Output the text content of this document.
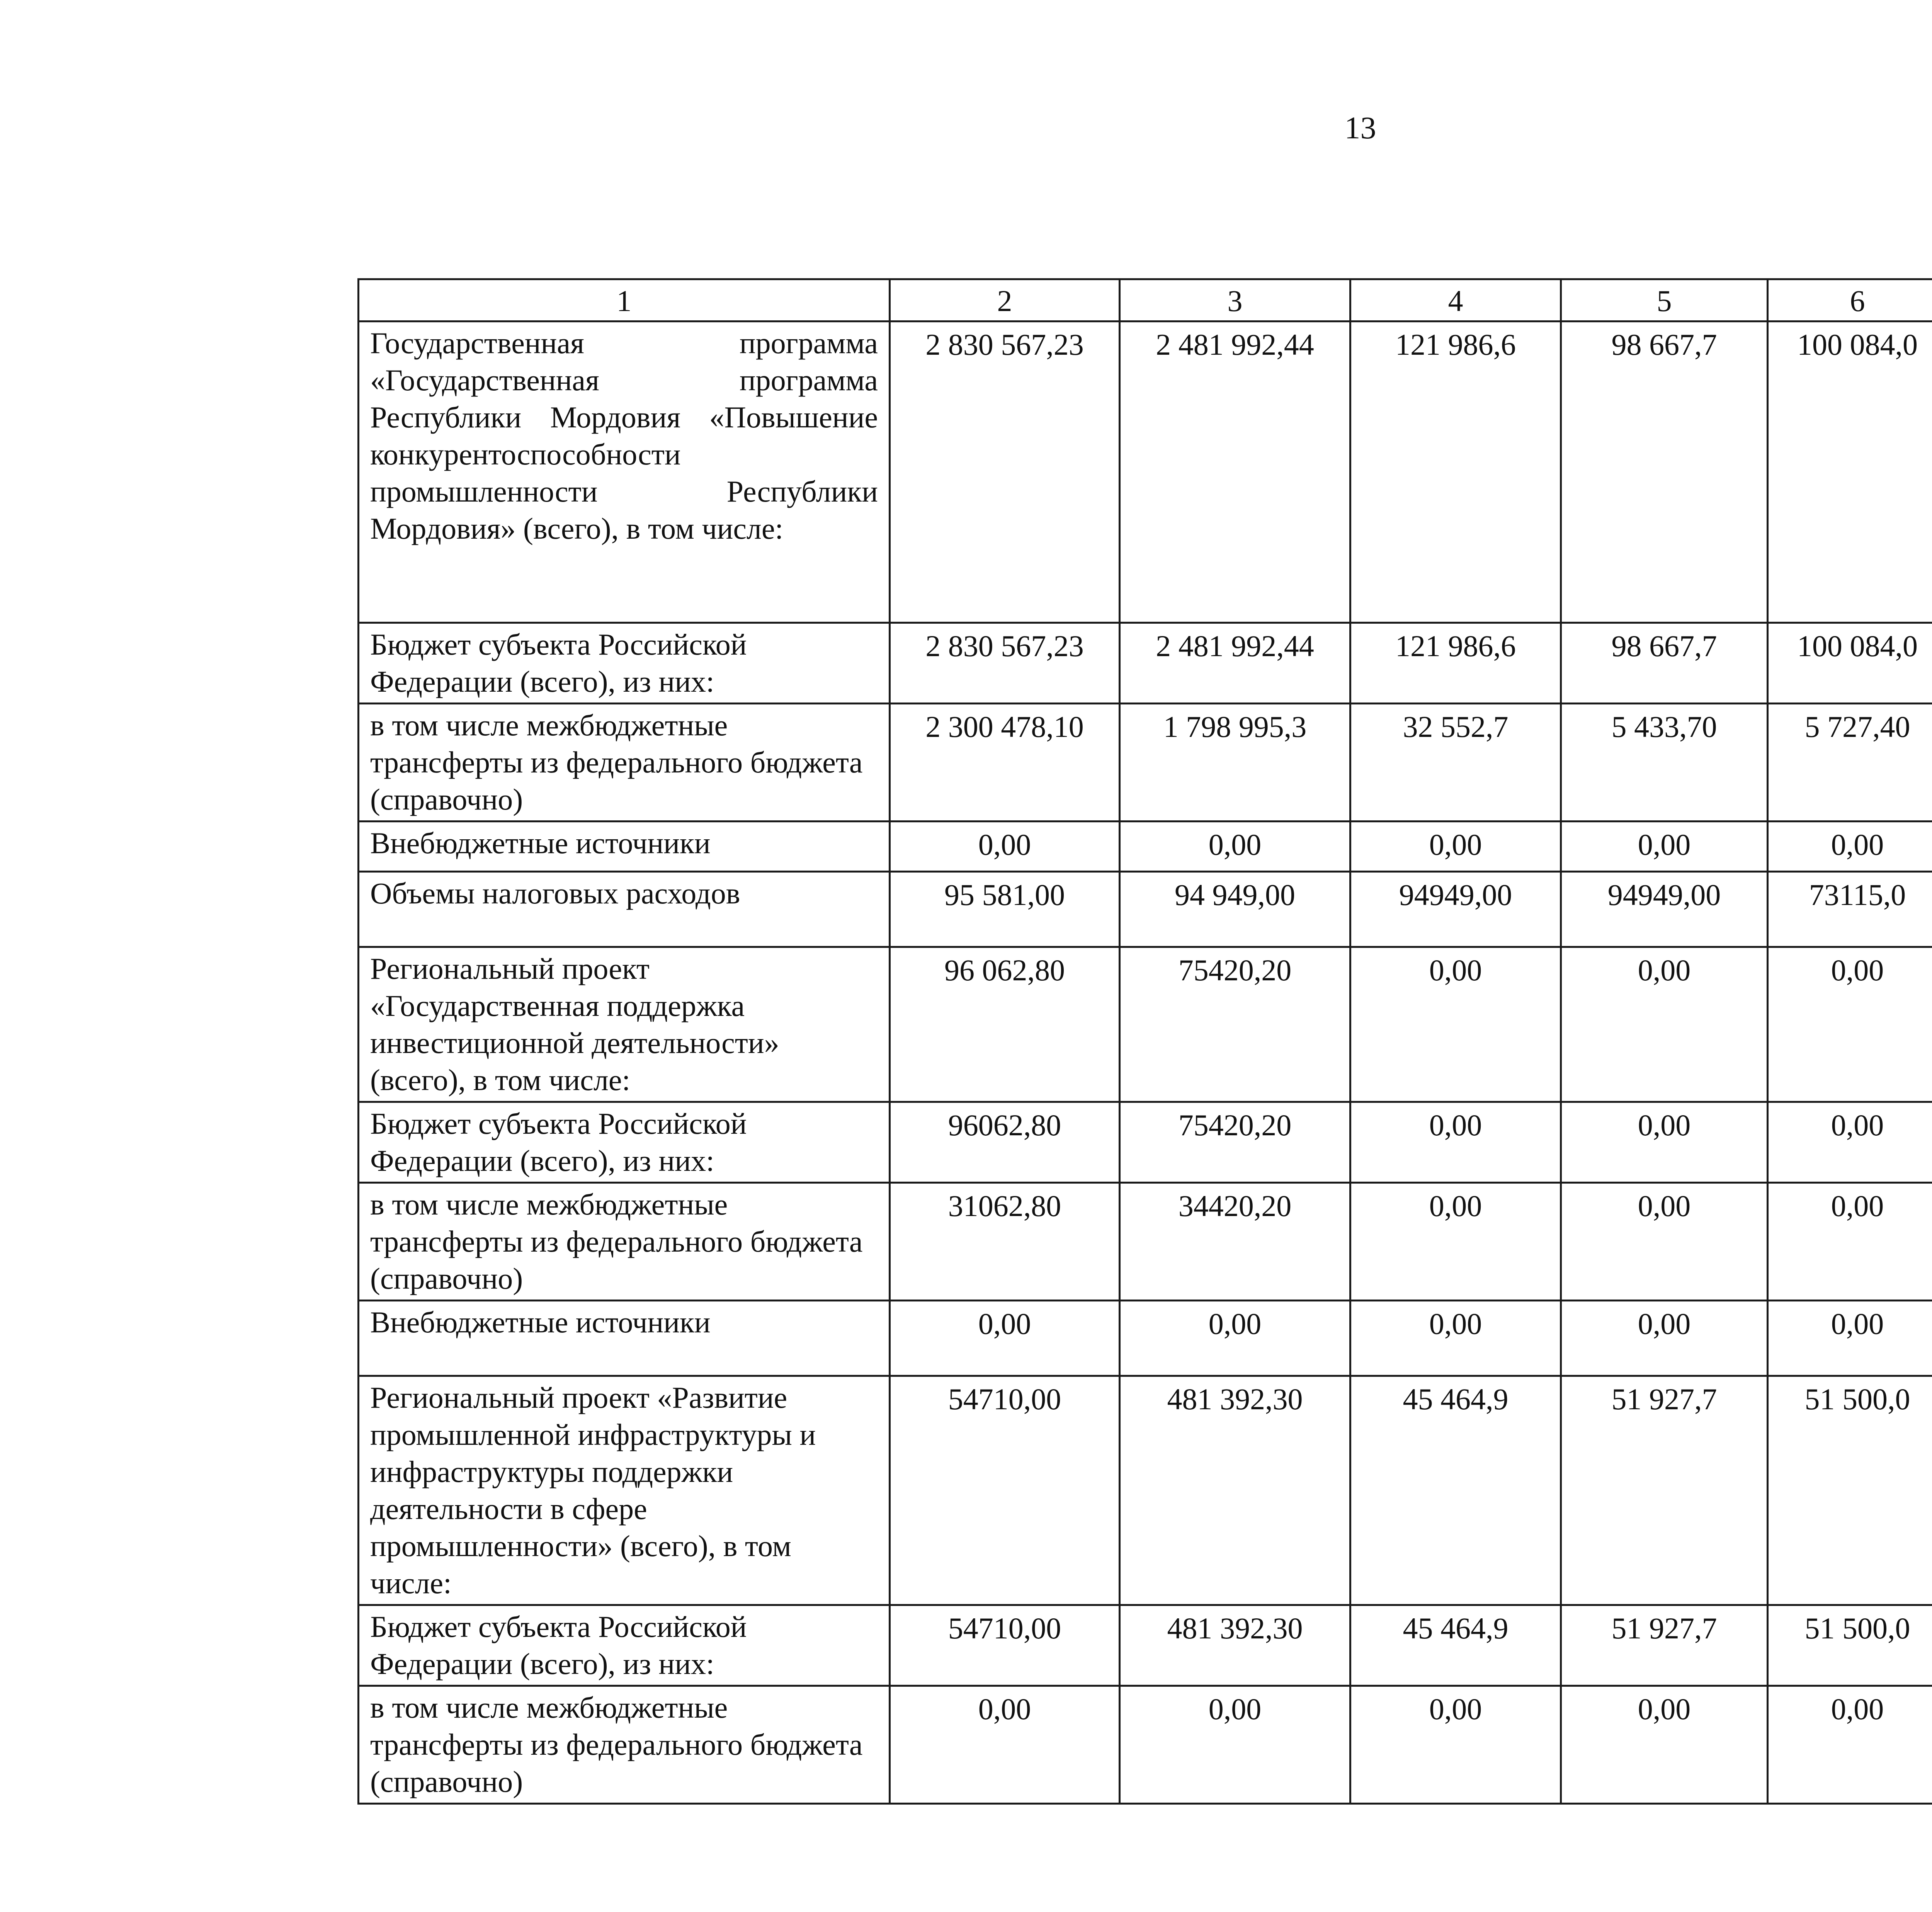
13
1	2	3	4	5	6			
Государственная программа «Государственная программа Республики Мордовия «Повышение конкурентоспособности промышленности Республики Мордовия» (всего), в том числе:	2 830 567,23	2 481 992,44	121 986,6	98 667,7	100 084,0			
Бюджет субъекта Российской Федерации (всего), из них:	2 830 567,23	2 481 992,44	121 986,6	98 667,7	100 084,0			
в том числе межбюджетные трансферты из федерального бюджета (справочно)	2 300 478,10	1 798 995,3	32 552,7	5 433,70	5 727,40			
Внебюджетные источники	0,00	0,00	0,00	0,00	0,00			
Объемы налоговых расходов	95 581,00	94 949,00	94949,00	94949,00	73115,0			
Региональный проект «Государственная поддержка инвестиционной деятельности» (всего), в том числе:	96 062,80	75420,20	0,00	0,00	0,00			
Бюджет субъекта Российской Федерации (всего), из них:	96062,80	75420,20	0,00	0,00	0,00			
в том числе межбюджетные трансферты из федерального бюджета (справочно)	31062,80	34420,20	0,00	0,00	0,00			
Внебюджетные источники	0,00	0,00	0,00	0,00	0,00			
Региональный проект «Развитие промышленной инфраструктуры и инфраструктуры поддержки деятельности в сфере промышленности» (всего), в том числе:	54710,00	481 392,30	45 464,9	51 927,7	51 500,0			
Бюджет субъекта Российской Федерации (всего), из них:	54710,00	481 392,30	45 464,9	51 927,7	51 500,0			
в том числе межбюджетные трансферты из федерального бюджета (справочно)	0,00	0,00	0,00	0,00	0,00			
